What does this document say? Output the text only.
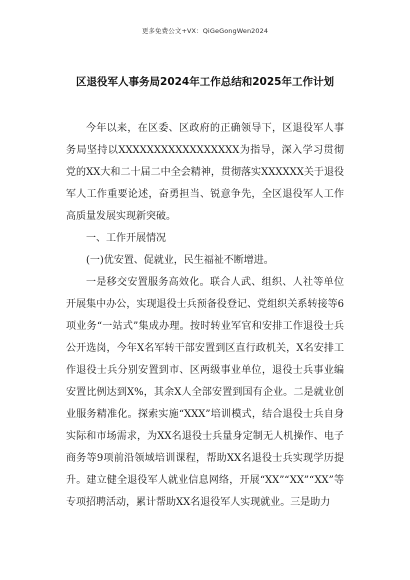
更多免费公文+VX：QiGeGongWen2024
区退役军人事务局2024年工作总结和2025年工作计划

今年以来，在区委、区政府的正确领导下，区退役军人事务局坚持以XXXXXXXXXXXXXXXXX为指导，深入学习贯彻党的XX大和二十届二中全会精神，贯彻落实XXXXXX关于退役军人工作重要论述，奋勇担当、锐意争先，全区退役军人工作高质量发展实现新突破。

一、工作开展情况

(一)优安置、促就业，民生福祉不断增进。

一是移交安置服务高效化。联合人武、组织、人社等单位开展集中办公，实现退役士兵预备役登记、党组织关系转接等6项业务“一站式”集成办理。按时转业军官和安排工作退役士兵公开选岗，今年X名军转干部安置到区直行政机关，X名安排工作退役士兵分别安置到市、区两级事业单位，退役士兵事业编安置比例达到X%，其余X人全部安置到国有企业。二是就业创业服务精准化。探索实施“XXX”培训模式，结合退役士兵自身实际和市场需求，为XX名退役士兵量身定制无人机操作、电子商务等9项前沿领域培训课程，帮助XX名退役士兵实现学历提升。建立健全退役军人就业信息网络，开展“XX”“XX”“XX”等专项招聘活动，累计帮助XX名退役军人实现就业。三是助力
